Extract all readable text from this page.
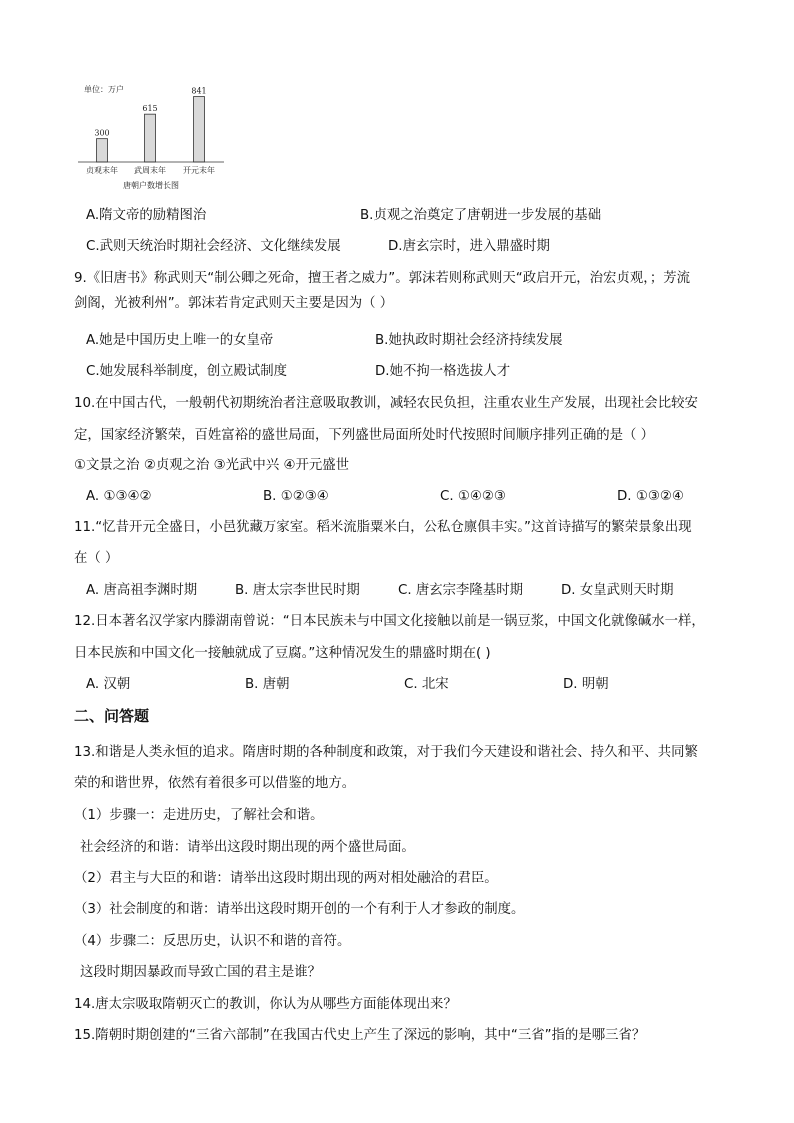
单位：万户
300
贞观末年
615
武周末年
841
开元末年
唐朝户数增长图
A.隋文帝的励精图治	B.贞观之治奠定了唐朝进一步发展的基础
C.武则天统治时期社会经济、文化继续发展	D.唐玄宗时，进入鼎盛时期
9.《旧唐书》称武则天“制公卿之死命，擅王者之威力”。郭沫若则称武则天“政启开元，治宏贞观，；芳流
剑阁，光被利州”。郭沫若肯定武则天主要是因为（ ）
A.她是中国历史上唯一的女皇帝	B.她执政时期社会经济持续发展
C.她发展科举制度，创立殿试制度	D.她不拘一格选拔人才
10.在中国古代，一般朝代初期统治者注意吸取教训，减轻农民负担，注重农业生产发展，出现社会比较安
定，国家经济繁荣，百姓富裕的盛世局面，下列盛世局面所处时代按照时间顺序排列正确的是（ ）
①文景之治 ②贞观之治 ③光武中兴 ④开元盛世
A. ①③④②	B. ①②③④	C. ①④②③	D. ①③②④
11.“忆昔开元全盛日，小邑犹藏万家室。稻米流脂粟米白，公私仓廪俱丰实。”这首诗描写的繁荣景象出现
在（ ）
A. 唐高祖李渊时期	B. 唐太宗李世民时期	C. 唐玄宗李隆基时期	D. 女皇武则天时期
12.日本著名汉学家内滕湖南曾说：“日本民族未与中国文化接触以前是一锅豆浆，中国文化就像碱水一样，
日本民族和中国文化一接触就成了豆腐。”这种情况发生的鼎盛时期在( )
A. 汉朝	B. 唐朝	C. 北宋	D. 明朝
二、问答题
13.和谐是人类永恒的追求。隋唐时期的各种制度和政策，对于我们今天建设和谐社会、持久和平、共同繁
荣的和谐世界，依然有着很多可以借鉴的地方。
（1）步骤一：走进历史，了解社会和谐。
社会经济的和谐：请举出这段时期出现的两个盛世局面。
（2）君主与大臣的和谐：请举出这段时期出现的两对相处融洽的君臣。
（3）社会制度的和谐：请举出这段时期开创的一个有利于人才参政的制度。
（4）步骤二：反思历史，认识不和谐的音符。
这段时期因暴政而导致亡国的君主是谁？
14.唐太宗吸取隋朝灭亡的教训，你认为从哪些方面能体现出来？
15.隋朝时期创建的“三省六部制”在我国古代史上产生了深远的影响，其中“三省”指的是哪三省？
